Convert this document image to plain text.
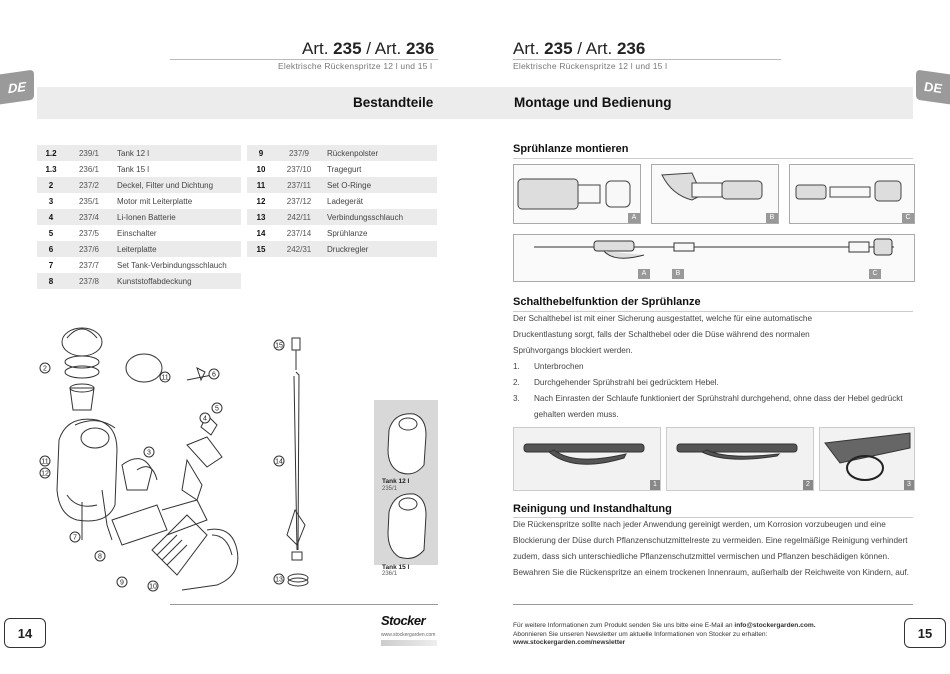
Art. 235 / Art. 236
Elektrische Rückenspritze 12 l und 15 l
Art. 235 / Art. 236
Elektrische Rückenspritze 12 l und 15 l
DE	DE
Bestandteile	Montage und Bedienung
1.2	239/1	Tank 12 l
1.3	236/1	Tank 15 l
2	237/2	Deckel, Filter und Dichtung
3	235/1	Motor mit Leiterplatte
4	237/4	Li-Ionen Batterie
5	237/5	Einschalter
6	237/6	Leiterplatte
7	237/7	Set Tank-Verbindungsschlauch
8	237/8	Kunststoffabdeckung
9	237/9	Rückenpolster
10	237/10	Tragegurt
11	237/11	Set O-Ringe
12	237/12	Ladegerät
13	242/11	Verbindungsschlauch
14	237/14	Sprühlanze
15	242/31	Druckregler
2
11	6
5
4
3
8
7
9
10
11
12
14
15
13
Tank 12 l
235/1
Tank 15 l
236/1
Sprühlanze montieren
A	B	C
A	B	C
Schalthebelfunktion der Sprühlanze
Der Schalthebel ist mit einer Sicherung ausgestattet, welche für eine automatische Druckentlastung sorgt, falls der Schalthebel oder die Düse während des normalen Sprühvorgangs blockiert werden.
1.	Unterbrochen
2.	Durchgehender Sprühstrahl bei gedrücktem Hebel.
3.	Nach Einrasten der Schlaufe funktioniert der Sprühstrahl durchgehend, ohne dass der Hebel gedrückt gehalten werden muss.
1	2	3
Reinigung und Instandhaltung
Die Rückenspritze sollte nach jeder Anwendung gereinigt werden, um Korrosion vorzubeugen und eine Blockierung der Düse durch Pflanzenschutzmittelreste zu vermeiden. Eine regelmäßige Reinigung verhindert zudem, dass sich unterschiedliche Pflanzenschutzmittel vermischen und Pflanzen beschädigen können. Bewahren Sie die Rückenspritze an einem trockenen Innenraum, außerhalb der Reichweite von Kindern, auf.
14	15
Stocker
www.stockergarden.com
Für weitere Informationen zum Produkt senden Sie uns bitte eine E-Mail an info@stockergarden.com.
Abonnieren Sie unseren Newsletter um aktuelle Informationen von Stocker zu erhalten:
www.stockergarden.com/newsletter
